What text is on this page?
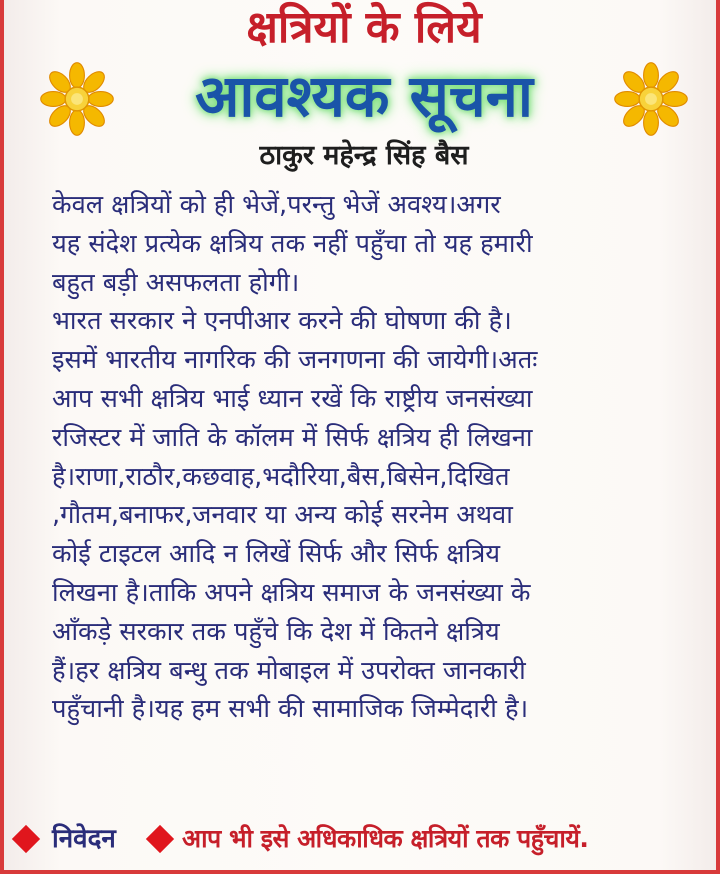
क्षत्रियों के लिये
आवश्यक सूचना
ठाकुर महेन्द्र सिंह बैस
केवल क्षत्रियों को ही भेजें,परन्तु भेजें अवश्य।अगर
यह संदेश प्रत्येक क्षत्रिय तक नहीं पहुँचा तो यह हमारी
बहुत बड़ी असफलता होगी।
भारत सरकार ने एनपीआर करने की घोषणा की है।
इसमें भारतीय नागरिक की जनगणना की जायेगी।अतः
आप सभी क्षत्रिय भाई ध्यान रखें कि राष्ट्रीय जनसंख्या
रजिस्टर में जाति के कॉलम में सिर्फ क्षत्रिय ही लिखना
है।राणा,राठौर,कछवाह,भदौरिया,बैस,बिसेन,दिखित
,गौतम,बनाफर,जनवार या अन्य कोई सरनेम अथवा
कोई टाइटल आदि न लिखें सिर्फ और सिर्फ क्षत्रिय
लिखना है।ताकि अपने क्षत्रिय समाज के जनसंख्या के
आँकड़े सरकार तक पहुँचे कि देश में कितने क्षत्रिय
हैं।हर क्षत्रिय बन्धु तक मोबाइल में उपरोक्त जानकारी
पहुँचानी है।यह हम सभी की सामाजिक जिम्मेदारी है।
निवेदन	आप भी इसे अधिकाधिक क्षत्रियों तक पहुँचायें.
